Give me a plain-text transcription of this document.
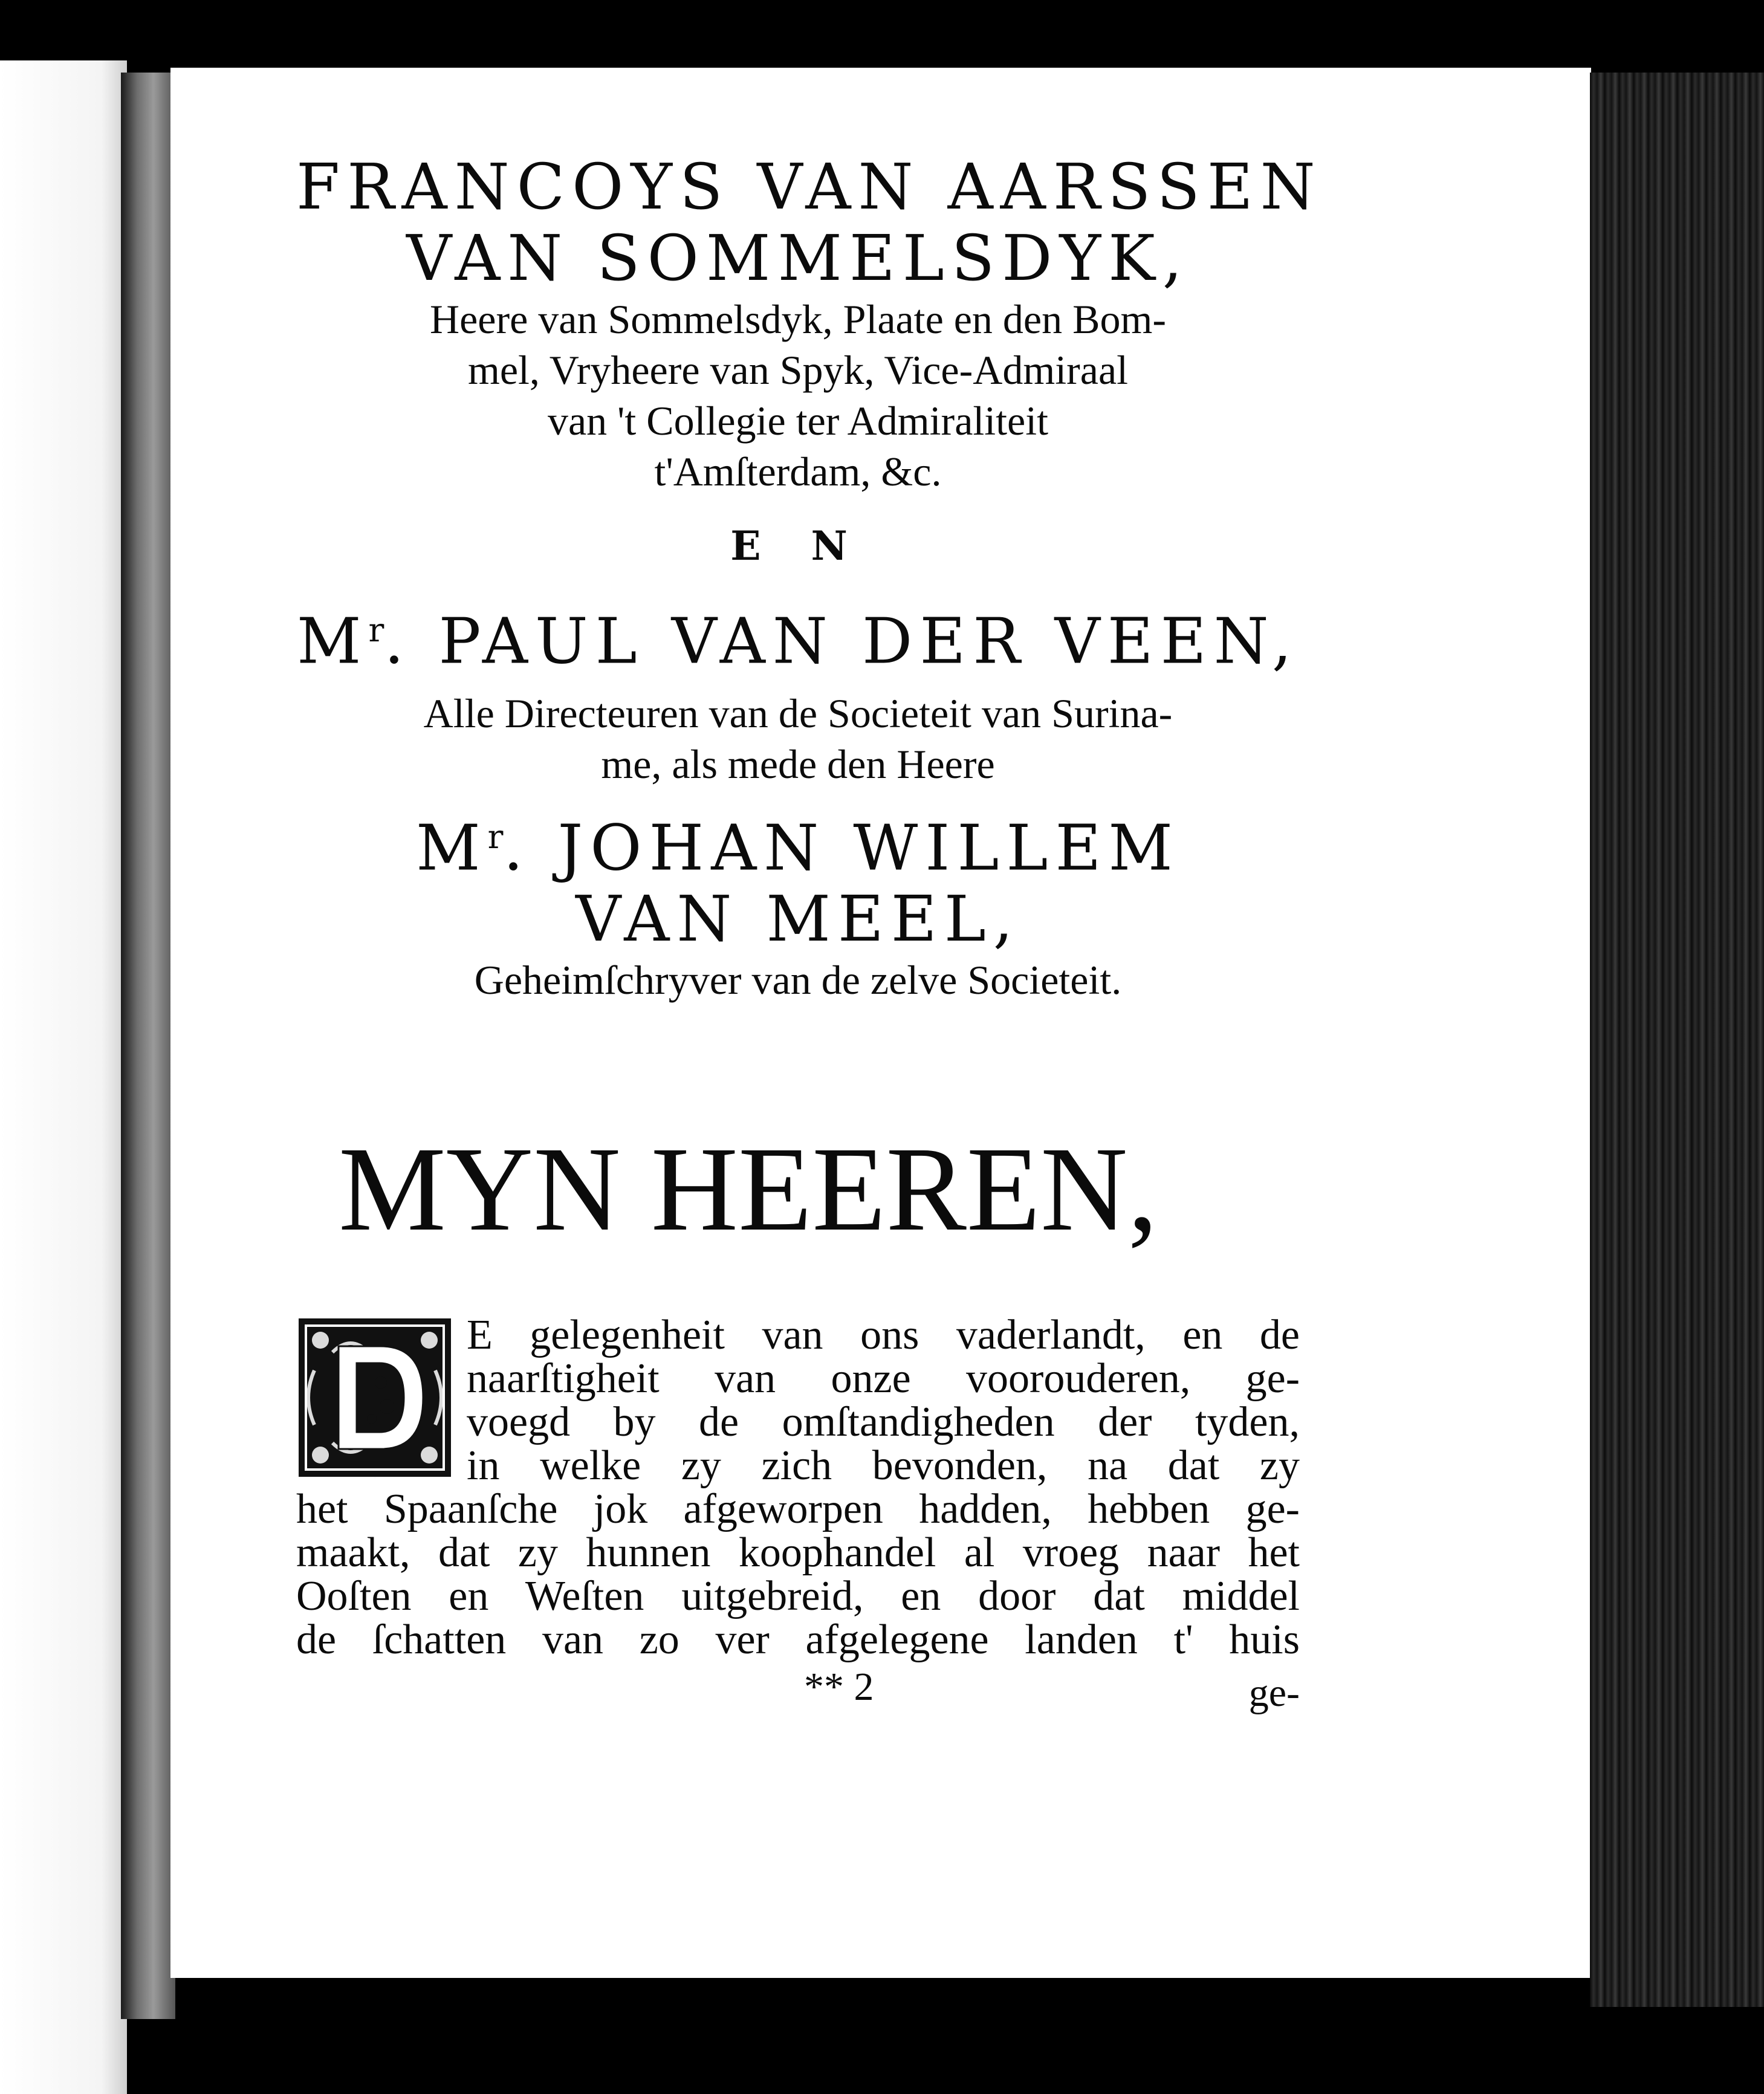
FRANCOYS VAN AARSSEN
VAN SOMMELSDYK,
Heere van Sommelsdyk, Plaate en den Bom-
mel, Vryheere van Spyk, Vice-Admiraal
van 't Collegie ter Admiraliteit
t'Amſterdam, &c.
E N
$M^r$. PAUL VAN DER VEEN,
Alle Directeuren van de Societeit van Surina-
me, als mede den Heere
$M^r$. JOHAN WILLEM
VAN MEEL,
Geheimſchryver van de zelve Societeit.
MYN HEEREN,
D
E gelegenheit van ons vaderlandt, en de
naarſtigheit van onze voorouderen, ge-
voegd by de omſtandigheden der tyden,
in welke zy zich bevonden, na dat zy
het Spaanſche jok afgeworpen hadden, hebben ge-
maakt, dat zy hunnen koophandel al vroeg naar het
Ooſten en Weſten uitgebreid, en door dat middel
de ſchatten van zo ver afgelegene landen t' huis
** 2	ge-
